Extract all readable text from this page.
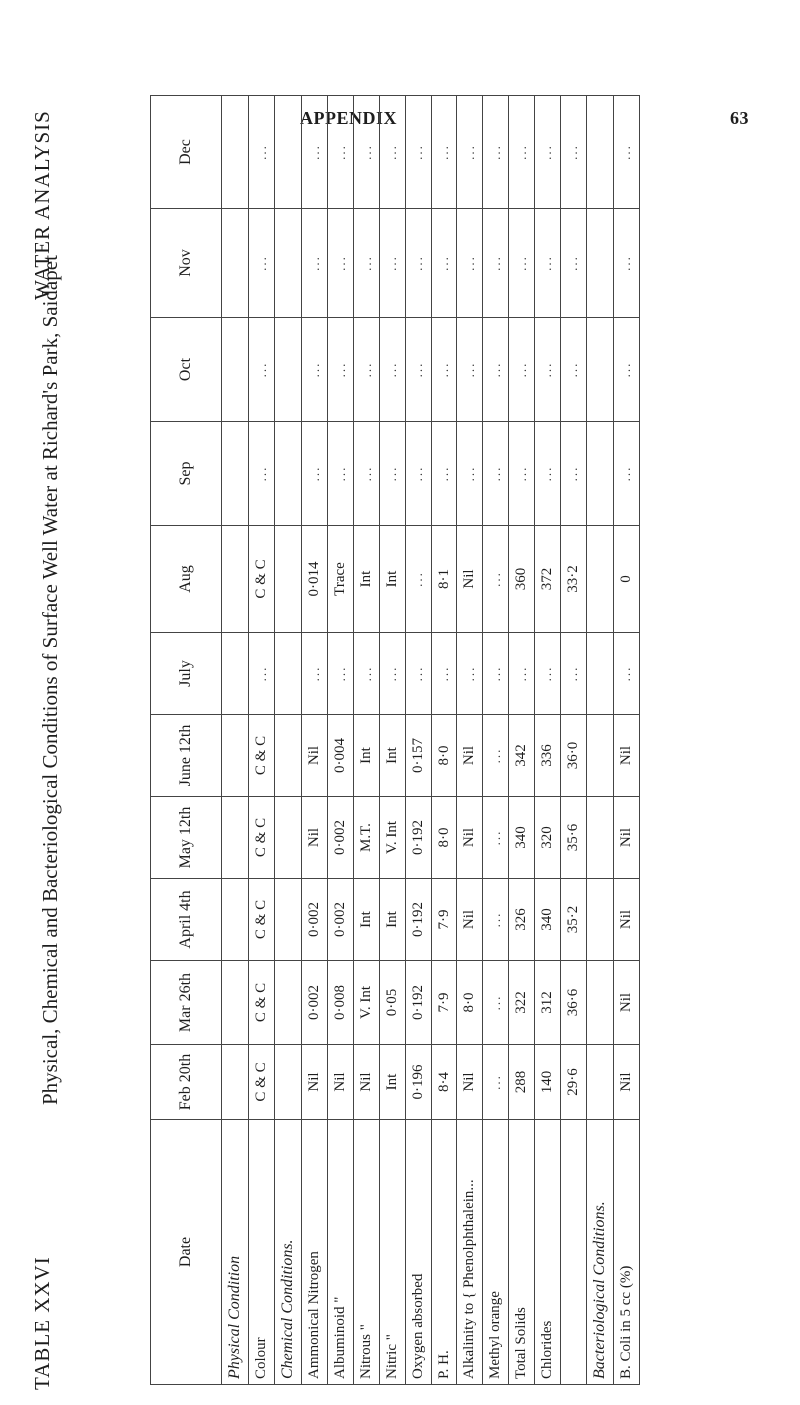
APPENDIX	63
TABLE XXVI
Physical, Chemical and Bacteriological Conditions of Surface Well Water at Richard's Park, Saidapet
WATER ANALYSIS
Date	Feb 20th	Mar 26th	April 4th	May 12th	June 12th	July	Aug	Sep	Oct	Nov	Dec
Physical Condition											
Colour	C & C	C & C	C & C	C & C	C & C	...	C & C	...	...	...	...
Chemical Conditions.											
Ammonical Nitrogen	Nil	0·002	0·002	Nil	Nil	...	0·014	...	...	...	...
Albuminoid "	Nil	0·008	0·002	0·002	0·004	...	Trace	...	...	...	...
Nitrous "	Nil	V. Int	Int	M.T.	Int	...	Int	...	...	...	...
Nitric "	Int	0·05	Int	V. Int	Int	...	Int	...	...	...	...
Oxygen absorbed	0·196	0·192	0·192	0·192	0·157	...	...	...	...	...	...
P. H.	8·4	7·9	7·9	8·0	8·0	...	8·1	...	...	...	...
Alkalinity to { Phenolphthalein...	Nil	8·0	Nil	Nil	Nil	...	Nil	...	...	...	...
Methyl orange	...	...	...	...	...	...	...	...	...	...	...
Total Solids	288	322	326	340	342	...	360	...	...	...	...
Chlorides	140	312	340	320	336	...	372	...	...	...	...
	29·6	36·6	35·2	35·6	36·0	...	33·2	...	...	...	...
Bacteriological Conditions.											
B. Coli in 5 cc (%)	Nil	Nil	Nil	Nil	Nil	...	0	...	...	...	...
